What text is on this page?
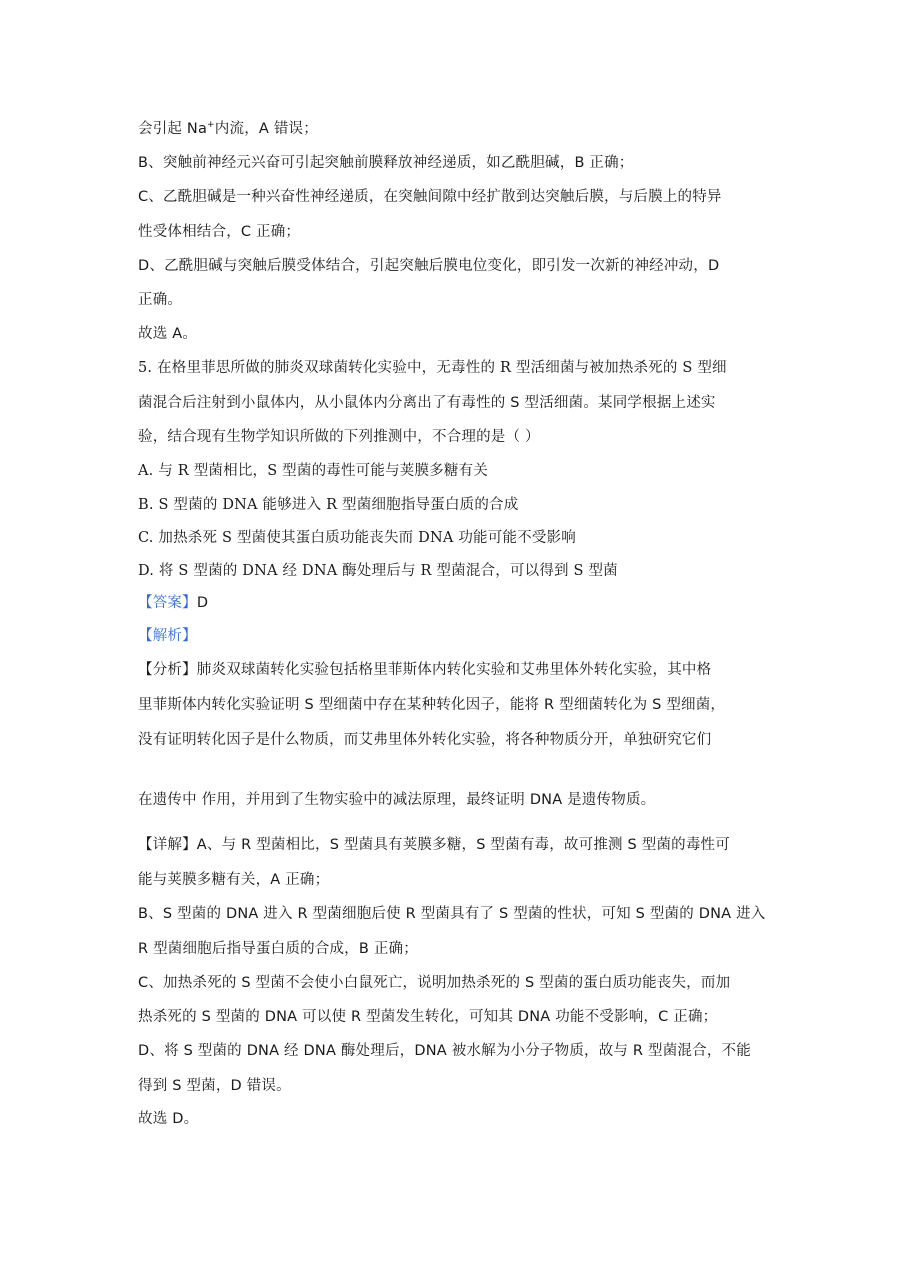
会引起 Na+内流，A 错误；
B、突触前神经元兴奋可引起突触前膜释放神经递质，如乙酰胆碱，B 正确；
C、乙酰胆碱是一种兴奋性神经递质，在突触间隙中经扩散到达突触后膜，与后膜上的特异
性受体相结合，C 正确；
D、乙酰胆碱与突触后膜受体结合，引起突触后膜电位变化，即引发一次新的神经冲动，D
正确。
故选 A。
5. 在格里菲思所做的肺炎双球菌转化实验中，无毒性的 R 型活细菌与被加热杀死的 S 型细
菌混合后注射到小鼠体内，从小鼠体内分离出了有毒性的 S 型活细菌。某同学根据上述实
验，结合现有生物学知识所做的下列推测中，不合理的是（ ）
A. 与 R 型菌相比，S 型菌的毒性可能与荚膜多糖有关
B. S 型菌的 DNA 能够进入 R 型菌细胞指导蛋白质的合成
C. 加热杀死 S 型菌使其蛋白质功能丧失而 DNA 功能可能不受影响
D. 将 S 型菌的 DNA 经 DNA 酶处理后与 R 型菌混合，可以得到 S 型菌
【答案】D
【解析】
【分析】肺炎双球菌转化实验包括格里菲斯体内转化实验和艾弗里体外转化实验，其中格
里菲斯体内转化实验证明 S 型细菌中存在某种转化因子，能将 R 型细菌转化为 S 型细菌，
没有证明转化因子是什么物质，而艾弗里体外转化实验，将各种物质分开，单独研究它们
在遗传中 作用，并用到了生物实验中的减法原理，最终证明 DNA 是遗传物质。
【详解】A、与 R 型菌相比，S 型菌具有荚膜多糖，S 型菌有毒，故可推测 S 型菌的毒性可
能与荚膜多糖有关，A 正确；
B、S 型菌的 DNA 进入 R 型菌细胞后使 R 型菌具有了 S 型菌的性状，可知 S 型菌的 DNA 进入
R 型菌细胞后指导蛋白质的合成，B 正确；
C、加热杀死的 S 型菌不会使小白鼠死亡，说明加热杀死的 S 型菌的蛋白质功能丧失，而加
热杀死的 S 型菌的 DNA 可以使 R 型菌发生转化，可知其 DNA 功能不受影响，C 正确；
D、将 S 型菌的 DNA 经 DNA 酶处理后，DNA 被水解为小分子物质，故与 R 型菌混合，不能
得到 S 型菌，D 错误。
故选 D。
